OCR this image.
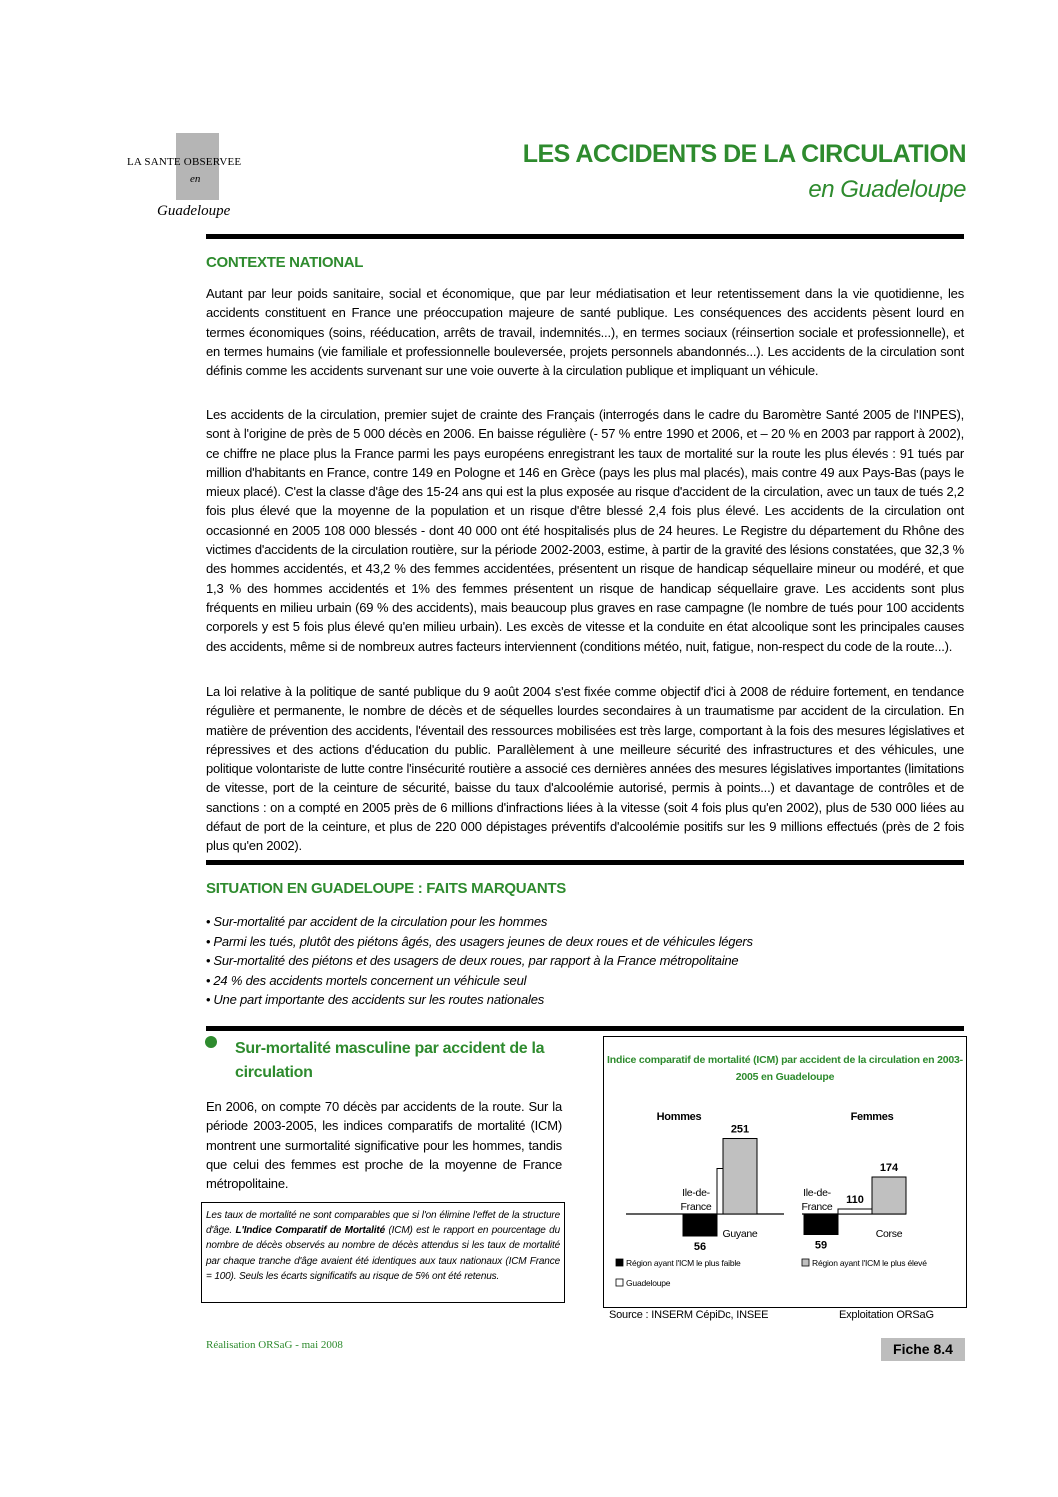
LA SANTE OBSERVEE
en
Guadeloupe
LES ACCIDENTS DE LA CIRCULATION
en Guadeloupe
CONTEXTE NATIONAL

Autant par leur poids sanitaire, social et économique, que par leur médiatisation et leur retentissement dans la vie quotidienne, les accidents constituent en France une préoccupation majeure de santé publique. Les conséquences des accidents pèsent lourd en termes économiques (soins, rééducation, arrêts de travail, indemnités...), en termes sociaux (réinsertion sociale et professionnelle), et en termes humains (vie familiale et professionnelle bouleversée, projets personnels abandonnés...). Les accidents de la circulation sont définis comme les accidents survenant sur une voie ouverte à la circulation publique et impliquant un véhicule.

Les accidents de la circulation, premier sujet de crainte des Français (interrogés dans le cadre du Baromètre Santé 2005 de l'INPES), sont à l'origine de près de 5 000 décès en 2006. En baisse régulière (- 57 % entre 1990 et 2006, et – 20 % en 2003 par rapport à 2002), ce chiffre ne place plus la France parmi les pays européens enregistrant les taux de mortalité sur la route les plus élevés : 91 tués par million d'habitants en France, contre 149 en Pologne et 146 en Grèce (pays les plus mal placés), mais contre 49 aux Pays-Bas (pays le mieux placé). C'est la classe d'âge des 15-24 ans qui est la plus exposée au risque d'accident de la circulation, avec un taux de tués 2,2 fois plus élevé que la moyenne de la population et un risque d'être blessé 2,4 fois plus élevé. Les accidents de la circulation ont occasionné en 2005 108 000 blessés - dont 40 000 ont été hospitalisés plus de 24 heures. Le Registre du département du Rhône des victimes d'accidents de la circulation routière, sur la période 2002-2003, estime, à partir de la gravité des lésions constatées, que 32,3 % des hommes accidentés, et 43,2 % des femmes accidentées, présentent un risque de handicap séquellaire mineur ou modéré, et que 1,3 % des hommes accidentés et 1% des femmes présentent un risque de handicap séquellaire grave. Les accidents sont plus fréquents en milieu urbain (69 % des accidents), mais beaucoup plus graves en rase campagne (le nombre de tués pour 100 accidents corporels y est 5 fois plus élevé qu'en milieu urbain). Les excès de vitesse et la conduite en état alcoolique sont les principales causes des accidents, même si de nombreux autres facteurs interviennent (conditions météo, nuit, fatigue, non-respect du code de la route...).

La loi relative à la politique de santé publique du 9 août 2004 s'est fixée comme objectif d'ici à 2008 de réduire fortement, en tendance régulière et permanente, le nombre de décès et de séquelles lourdes secondaires à un traumatisme par accident de la circulation. En matière de prévention des accidents, l'éventail des ressources mobilisées est très large, comportant à la fois des mesures législatives et répressives et des actions d'éducation du public. Parallèlement à une meilleure sécurité des infrastructures et des véhicules, une politique volontariste de lutte contre l'insécurité routière a associé ces dernières années des mesures législatives importantes (limitations de vitesse, port de la ceinture de sécurité, baisse du taux d'alcoolémie autorisé, permis à points...) et davantage de contrôles et de sanctions : on a compté en 2005 près de 6 millions d'infractions liées à la vitesse (soit 4 fois plus qu'en 2002), plus de 530 000 liées au défaut de port de la ceinture, et plus de 220 000 dépistages préventifs d'alcoolémie positifs sur les 9 millions effectués (près de 2 fois plus qu'en 2002).

SITUATION EN GUADELOUPE : FAITS MARQUANTS
• Sur-mortalité par accident de la circulation pour les hommes
• Parmi les tués, plutôt des piétons âgés, des usagers jeunes de deux roues et de véhicules légers
• Sur-mortalité des piétons et des usagers de deux roues, par rapport à la France métropolitaine
• 24 % des accidents mortels concernent un véhicule seul
• Une part importante des accidents sur les routes nationales
Sur-mortalité masculine par accident de la circulation

En 2006, on compte 70 décès par accidents de la route. Sur la période 2003-2005, les indices comparatifs de mortalité (ICM) montrent une surmortalité significative pour les hommes, tandis que celui des femmes est proche de la moyenne de France métropolitaine.

Les taux de mortalité ne sont comparables que si l'on élimine l'effet de la structure d'âge. L'Indice Comparatif de Mortalité (ICM) est le rapport en pourcentage du nombre de décès observés au nombre de décès attendus si les taux de mortalité par chaque tranche d'âge avaient été identiques aux taux nationaux (ICM France = 100). Seuls les écarts significatifs au risque de 5% ont été retenus.
Indice comparatif de mortalité (ICM) par accident de la circulation en 2003-2005 en Guadeloupe
Hommes
56
Ile-de-
France
251
Guyane
Femmes
59
Ile-de-
France
110
174
Corse
Région ayant l'ICM le plus faible
Guadeloupe
Région ayant l'ICM le plus élevé
Source : INSERM CépiDc, INSEE	Exploitation ORSaG
Réalisation ORSaG - mai 2008	Fiche 8.4
